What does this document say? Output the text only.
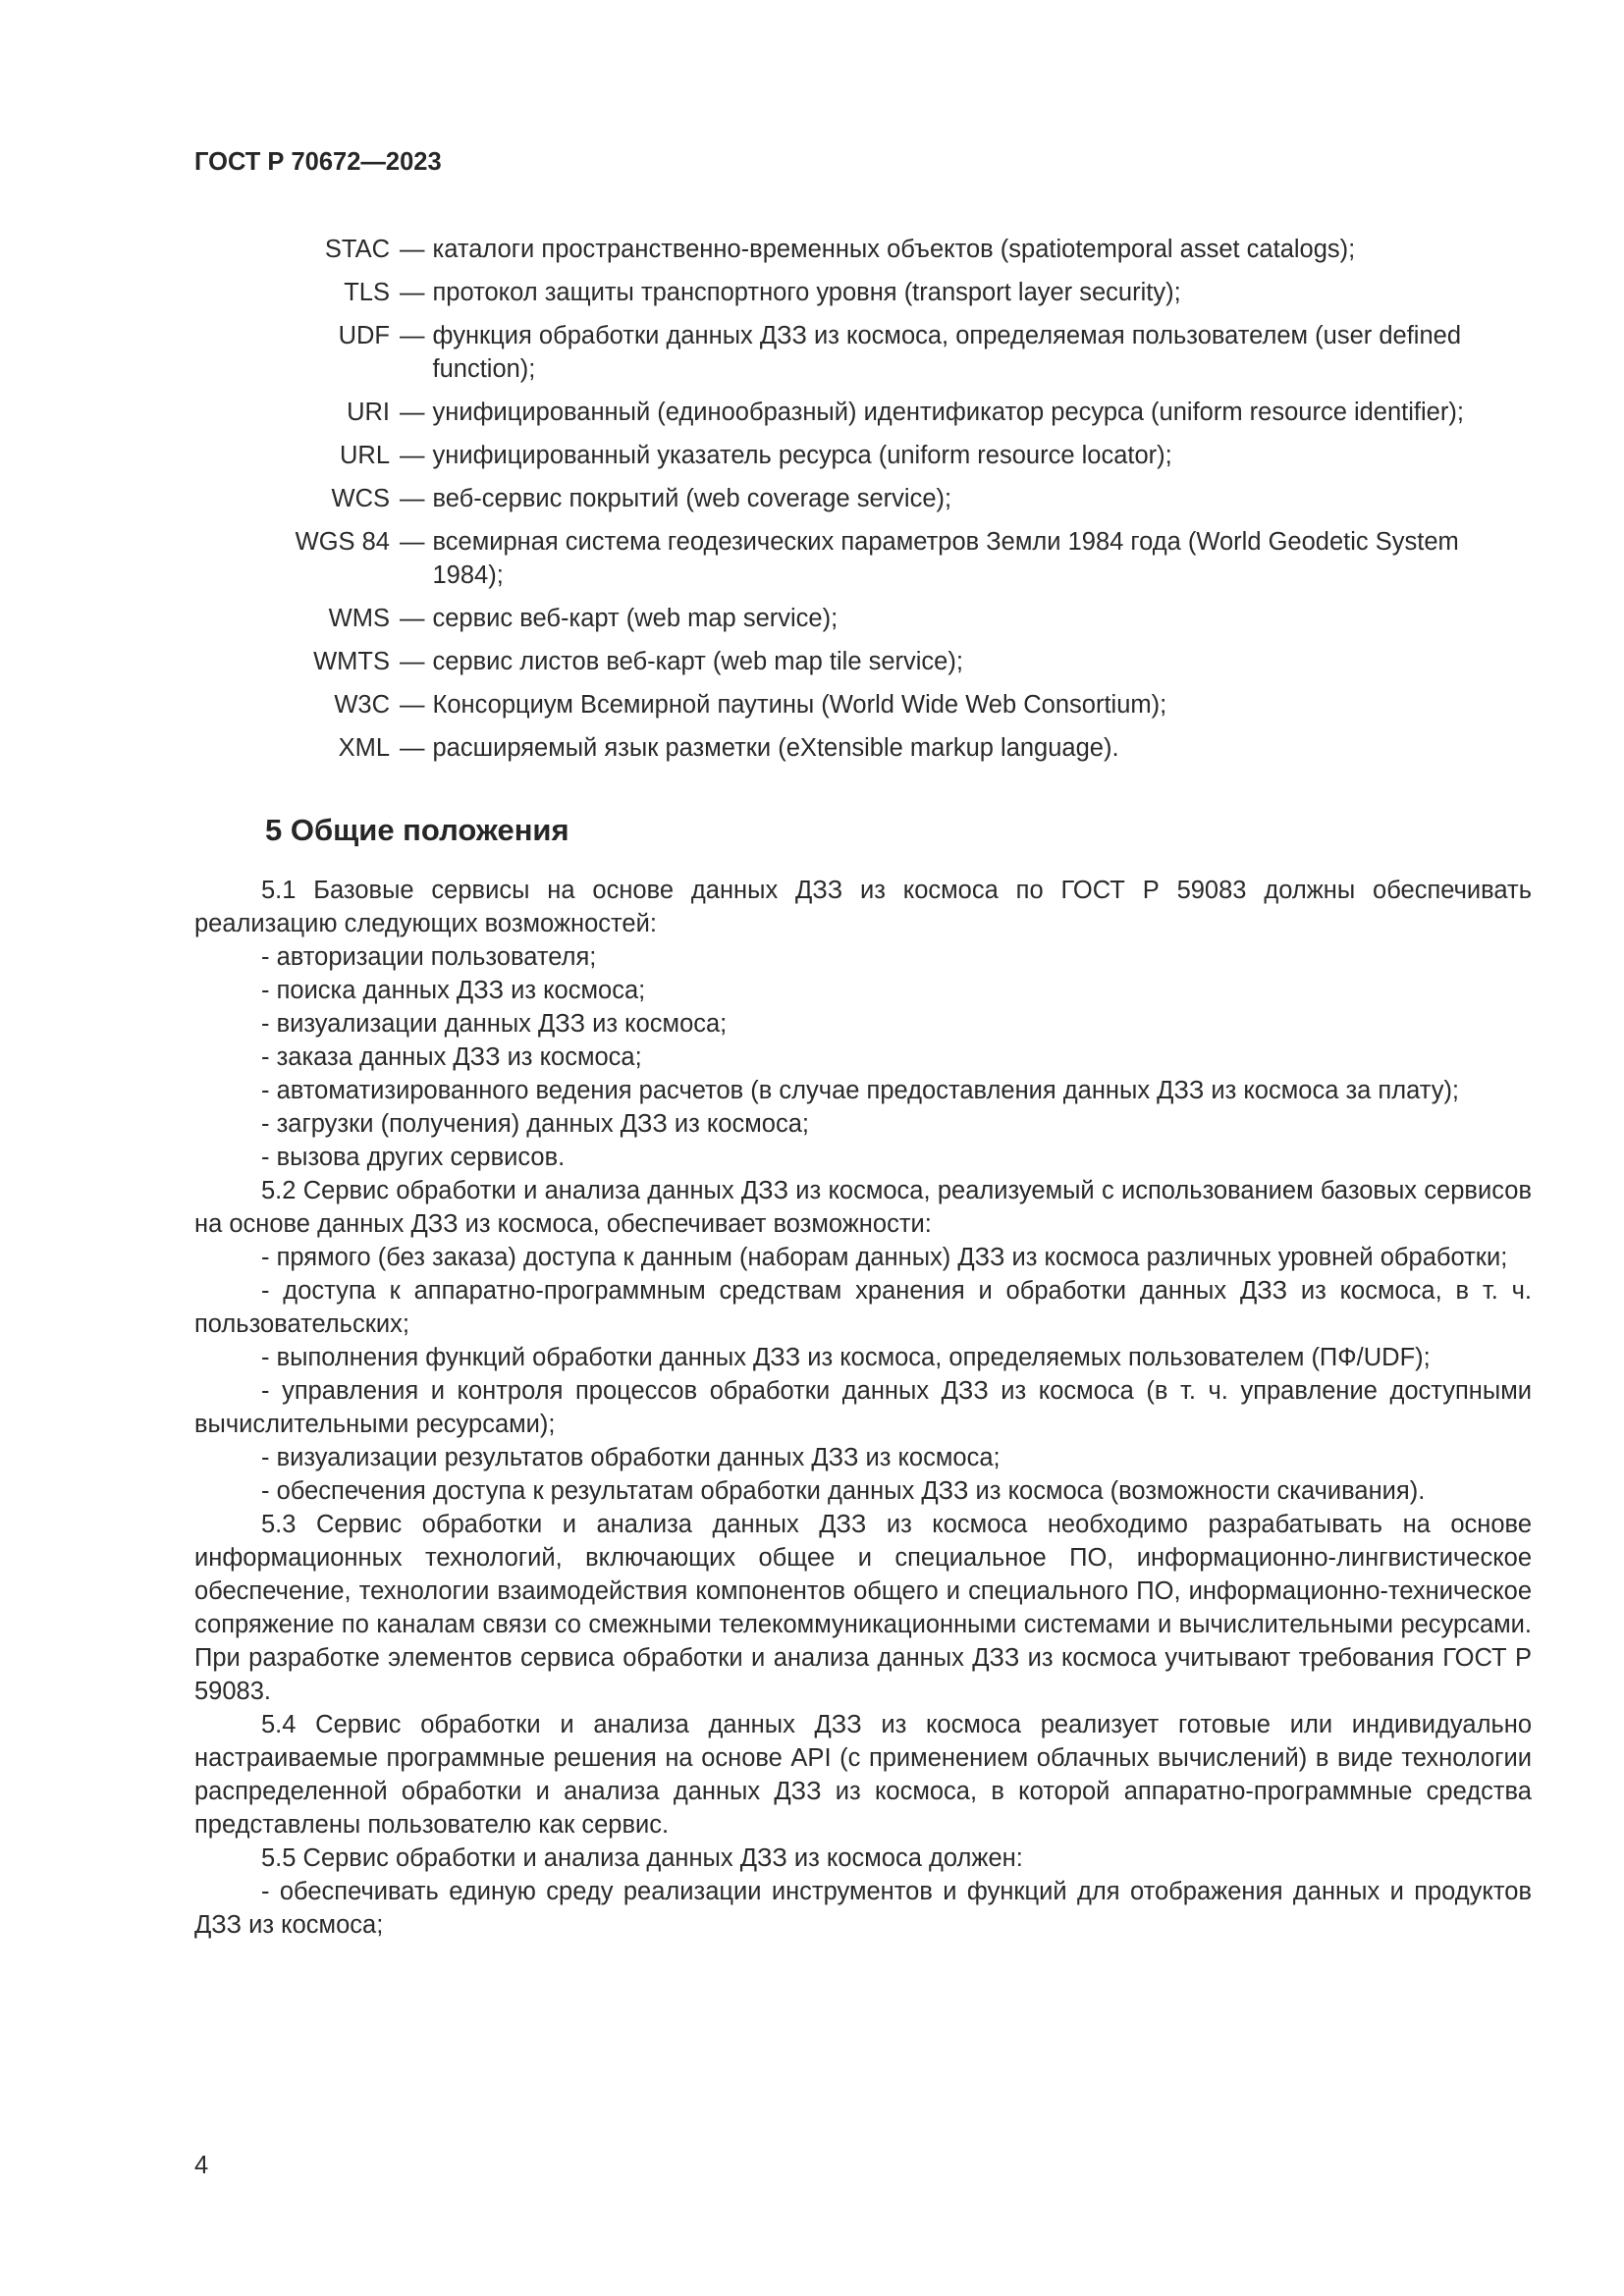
ГОСТ Р 70672—2023
STAC — каталоги пространственно-временных объектов (spatiotemporal asset catalogs);
TLS — протокол защиты транспортного уровня (transport layer security);
UDF — функция обработки данных ДЗЗ из космоса, определяемая пользователем (user defined function);
URI — унифицированный (единообразный) идентификатор ресурса (uniform resource identifier);
URL — унифицированный указатель ресурса (uniform resource locator);
WCS — веб-сервис покрытий (web coverage service);
WGS 84 — всемирная система геодезических параметров Земли 1984 года (World Geodetic System 1984);
WMS — сервис веб-карт (web map service);
WMTS — сервис листов веб-карт (web map tile service);
W3C — Консорциум Всемирной паутины (World Wide Web Consortium);
XML — расширяемый язык разметки (eXtensible markup language).
5 Общие положения

5.1 Базовые сервисы на основе данных ДЗЗ из космоса по ГОСТ Р 59083 должны обеспечивать реализацию следующих возможностей:

- авторизации пользователя;

- поиска данных ДЗЗ из космоса;

- визуализации данных ДЗЗ из космоса;

- заказа данных ДЗЗ из космоса;

- автоматизированного ведения расчетов (в случае предоставления данных ДЗЗ из космоса за плату);

- загрузки (получения) данных ДЗЗ из космоса;

- вызова других сервисов.

5.2 Сервис обработки и анализа данных ДЗЗ из космоса, реализуемый с использованием базовых сервисов на основе данных ДЗЗ из космоса, обеспечивает возможности:

- прямого (без заказа) доступа к данным (наборам данных) ДЗЗ из космоса различных уровней обработки;

- доступа к аппаратно-программным средствам хранения и обработки данных ДЗЗ из космоса, в т. ч. пользовательских;

- выполнения функций обработки данных ДЗЗ из космоса, определяемых пользователем (ПФ/UDF);

- управления и контроля процессов обработки данных ДЗЗ из космоса (в т. ч. управление доступными вычислительными ресурсами);

- визуализации результатов обработки данных ДЗЗ из космоса;

- обеспечения доступа к результатам обработки данных ДЗЗ из космоса (возможности скачивания).

5.3 Сервис обработки и анализа данных ДЗЗ из космоса необходимо разрабатывать на основе информационных технологий, включающих общее и специальное ПО, информационно-лингвистическое обеспечение, технологии взаимодействия компонентов общего и специального ПО, информационно-техническое сопряжение по каналам связи со смежными телекоммуникационными системами и вычислительными ресурсами. При разработке элементов сервиса обработки и анализа данных ДЗЗ из космоса учитывают требования ГОСТ Р 59083.

5.4 Сервис обработки и анализа данных ДЗЗ из космоса реализует готовые или индивидуально настраиваемые программные решения на основе API (с применением облачных вычислений) в виде технологии распределенной обработки и анализа данных ДЗЗ из космоса, в которой аппаратно-программные средства представлены пользователю как сервис.

5.5 Сервис обработки и анализа данных ДЗЗ из космоса должен:

- обеспечивать единую среду реализации инструментов и функций для отображения данных и продуктов ДЗЗ из космоса;

4
